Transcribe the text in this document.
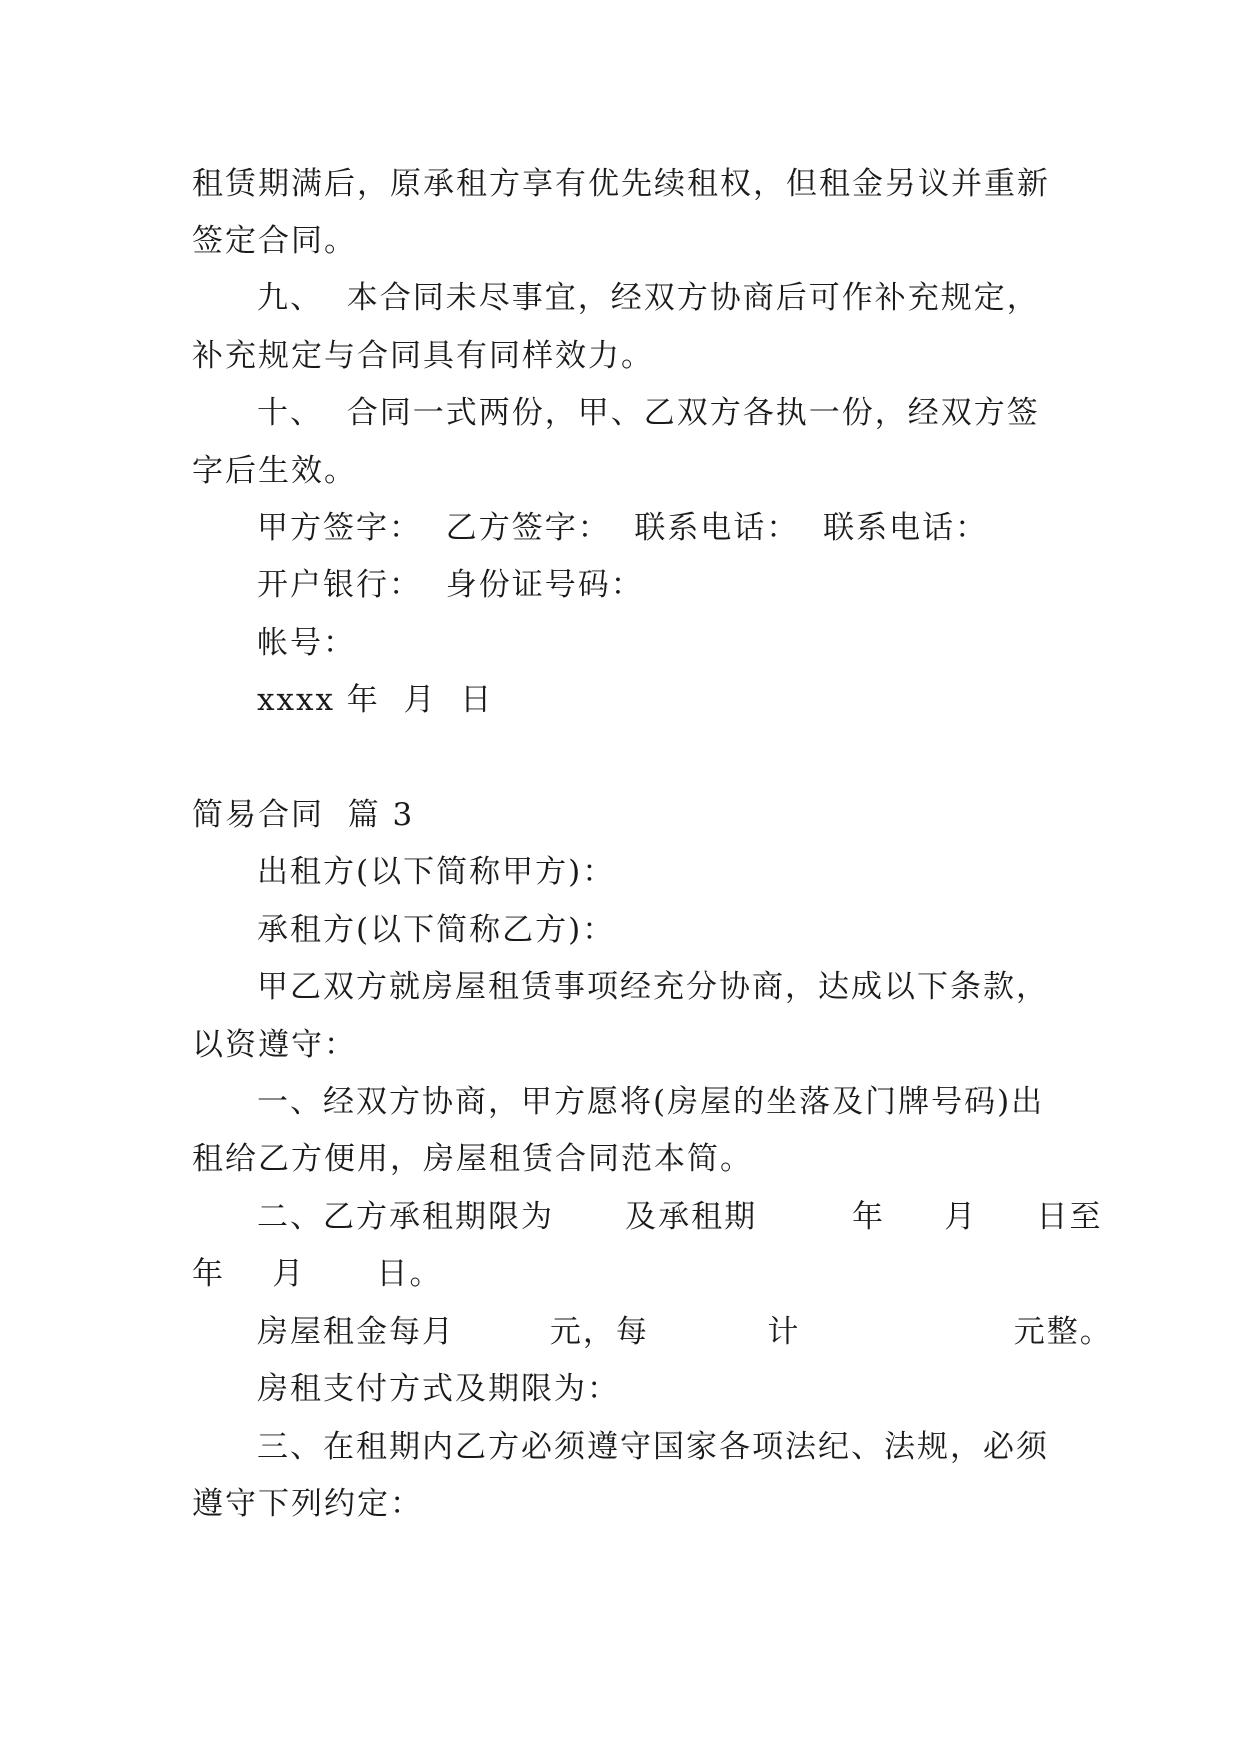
租赁期满后，原承租方享有优先续租权，但租金另议并重新
签定合同。
九、  本合同未尽事宜，经双方协商后可作补充规定，
补充规定与合同具有同样效力。
十、  合同一式两份，甲、乙双方各执一份，经双方签
字后生效。
甲方签字：  乙方签字：  联系电话：  联系电话：
开户银行：  身份证号码：
帐号：
xxxx 年  月  日
简易合同  篇 3
出租方(以下简称甲方)：
承租方(以下简称乙方)：
甲乙双方就房屋租赁事项经充分协商，达成以下条款，
以资遵守：
一、经双方协商，甲方愿将(房屋的坐落及门牌号码)出
租给乙方便用，房屋租赁合同范本简。
二、乙方承租期限为      及承租期        年     月     日至
年    月      日。
房屋租金每月        元，每          计                  元整。
房租支付方式及期限为：
三、在租期内乙方必须遵守国家各项法纪、法规，必须
遵守下列约定：
